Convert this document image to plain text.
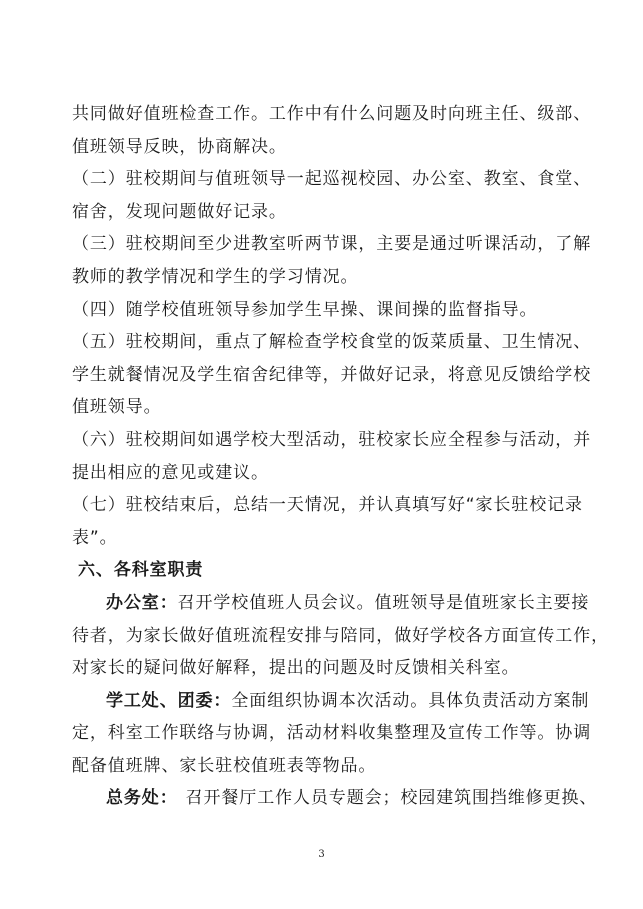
共同做好值班检查工作。工作中有什么问题及时向班主任、级部、
值班领导反映，协商解决。
（二）驻校期间与值班领导一起巡视校园、办公室、教室、食堂、
宿舍，发现问题做好记录。
（三）驻校期间至少进教室听两节课，主要是通过听课活动，了解
教师的教学情况和学生的学习情况。
（四）随学校值班领导参加学生早操、课间操的监督指导。
（五）驻校期间，重点了解检查学校食堂的饭菜质量、卫生情况、
学生就餐情况及学生宿舍纪律等，并做好记录，将意见反馈给学校
值班领导。
（六）驻校期间如遇学校大型活动，驻校家长应全程参与活动，并
提出相应的意见或建议。
（七）驻校结束后，总结一天情况，并认真填写好“家长驻校记录
表”。
六、各科室职责
办公室：召开学校值班人员会议。值班领导是值班家长主要接
待者，为家长做好值班流程安排与陪同，做好学校各方面宣传工作，
对家长的疑问做好解释，提出的问题及时反馈相关科室。
学工处、团委：全面组织协调本次活动。具体负责活动方案制
定，科室工作联络与协调，活动材料收集整理及宣传工作等。协调
配备值班牌、家长驻校值班表等物品。
总务处： 召开餐厅工作人员专题会；校园建筑围挡维修更换、
3
